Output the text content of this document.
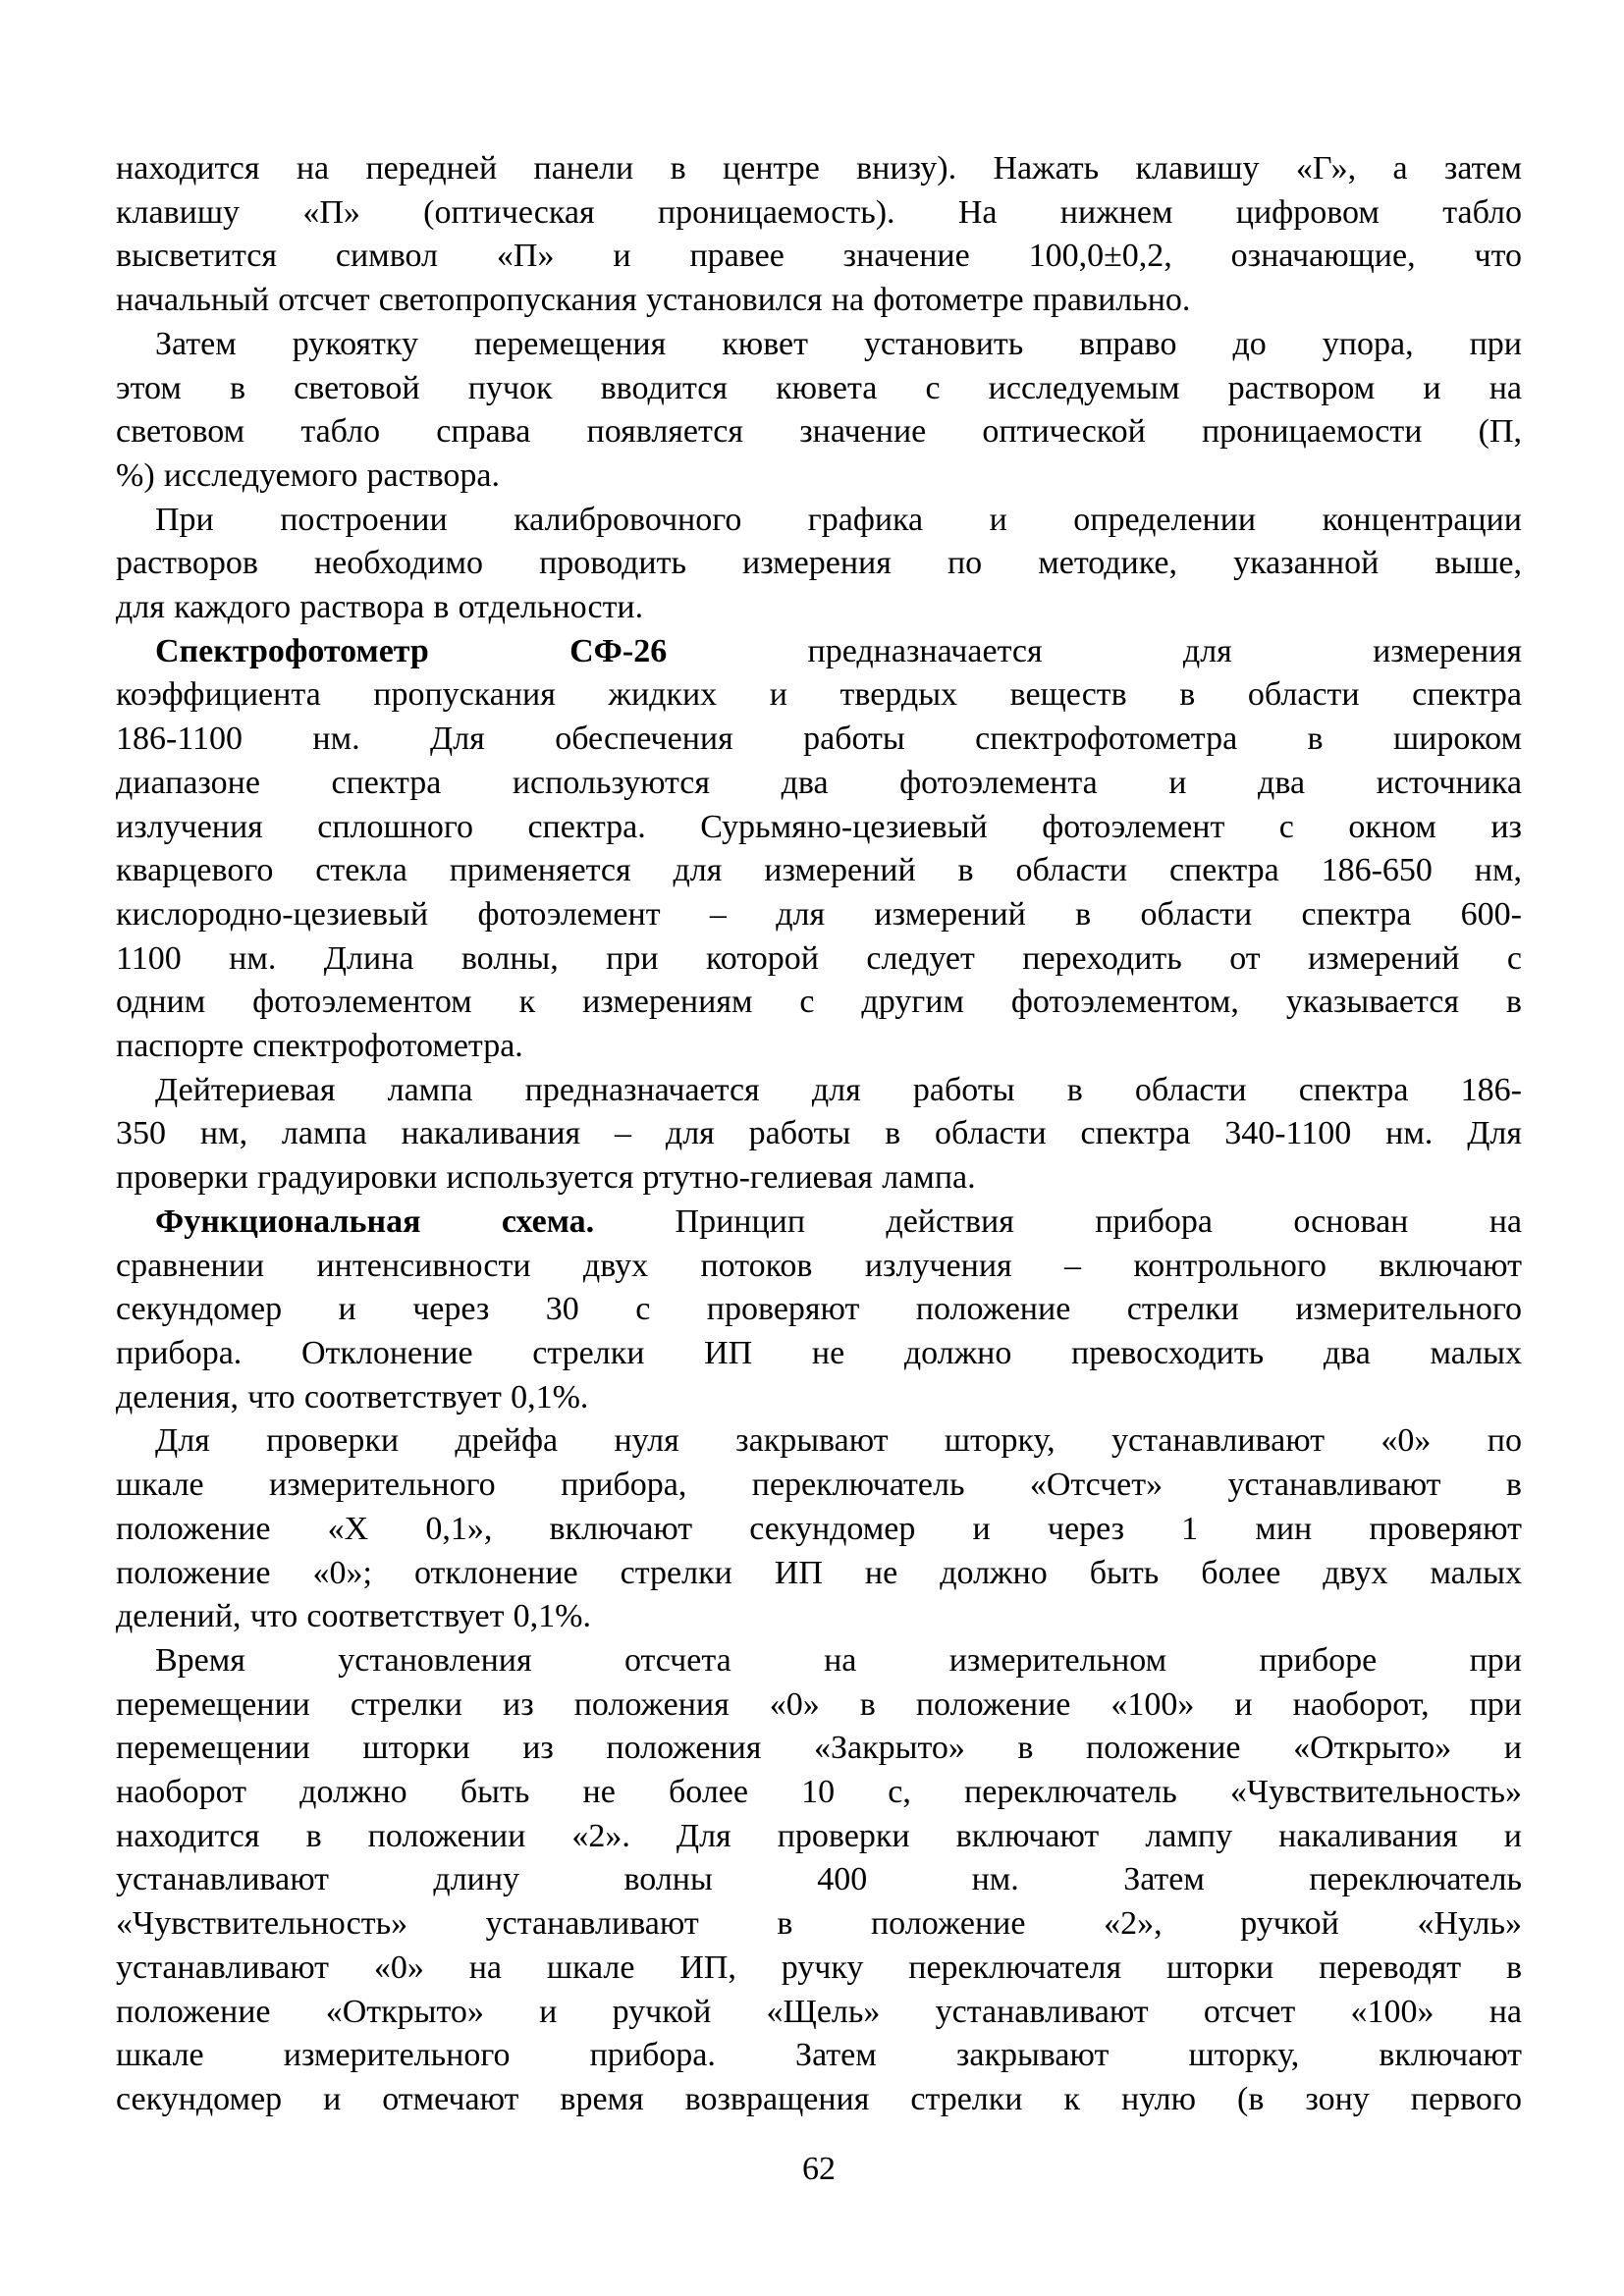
находится на передней панели в центре внизу). Нажать клавишу «Г», а затем
клавишу «П» (оптическая проницаемость). На нижнем цифровом табло
высветится символ «П» и правее значение 100,0±0,2, означающие, что
начальный отсчет светопропускания установился на фотометре правильно.
Затем рукоятку перемещения кювет установить вправо до упора, при
этом в световой пучок вводится кювета с исследуемым раствором и на
световом табло справа появляется значение оптической проницаемости (П,
%) исследуемого раствора.
При построении калибровочного графика и определении концентрации
растворов необходимо проводить измерения по методике, указанной выше,
для каждого раствора в отдельности.
Спектрофотометр СФ-26 предназначается для измерения
коэффициента пропускания жидких и твердых веществ в области спектра
186-1100 нм. Для обеспечения работы спектрофотометра в широком
диапазоне спектра используются два фотоэлемента и два источника
излучения сплошного спектра. Сурьмяно-цезиевый фотоэлемент с окном из
кварцевого стекла применяется для измерений в области спектра 186-650 нм,
кислородно-цезиевый фотоэлемент – для измерений в области спектра 600-
1100 нм. Длина волны, при которой следует переходить от измерений с
одним фотоэлементом к измерениям с другим фотоэлементом, указывается в
паспорте спектрофотометра.
Дейтериевая лампа предназначается для работы в области спектра 186-
350 нм, лампа накаливания – для работы в области спектра 340-1100 нм. Для
проверки градуировки используется ртутно-гелиевая лампа.
Функциональная схема. Принцип действия прибора основан на
сравнении интенсивности двух потоков излучения – контрольного включают
секундомер и через 30 с проверяют положение стрелки измерительного
прибора. Отклонение стрелки ИП не должно превосходить два малых
деления, что соответствует 0,1%.
Для проверки дрейфа нуля закрывают шторку, устанавливают «0» по
шкале измерительного прибора, переключатель «Отсчет» устанавливают в
положение «Х 0,1», включают секундомер и через 1 мин проверяют
положение «0»; отклонение стрелки ИП не должно быть более двух малых
делений, что соответствует 0,1%.
Время установления отсчета на измерительном приборе при
перемещении стрелки из положения «0» в положение «100» и наоборот, при
перемещении шторки из положения «Закрыто» в положение «Открыто» и
наоборот должно быть не более 10 с, переключатель «Чувствительность»
находится в положении «2». Для проверки включают лампу накаливания и
устанавливают длину волны 400 нм. Затем переключатель
«Чувствительность» устанавливают в положение «2», ручкой «Нуль»
устанавливают «0» на шкале ИП, ручку переключателя шторки переводят в
положение «Открыто» и ручкой «Щель» устанавливают отсчет «100» на
шкале измерительного прибора. Затем закрывают шторку, включают
секундомер и отмечают время возвращения стрелки к нулю (в зону первого
62
